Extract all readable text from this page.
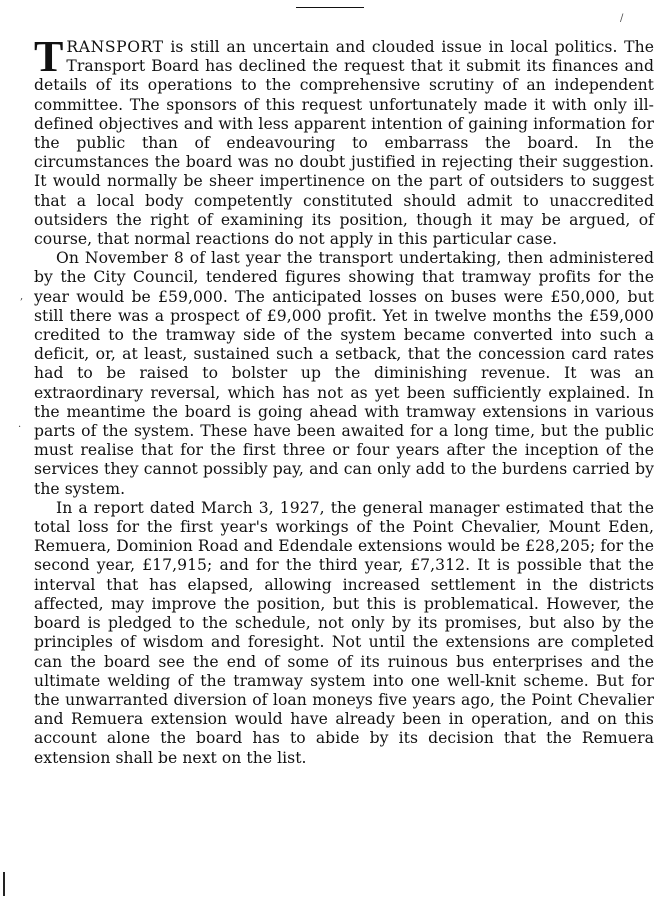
TRANSPORT is still an uncertain and clouded issue in local politics. The Transport Board has declined the request that it submit its finances and details of its operations to the comprehensive scrutiny of an independent committee. The sponsors of this request unfortunately made it with only ill-defined objectives and with less apparent intention of gaining information for the public than of endeavouring to embarrass the board. In the circumstances the board was no doubt justified in rejecting their suggestion. It would normally be sheer impertinence on the part of outsiders to suggest that a local body competently constituted should admit to unaccredited outsiders the right of examining its position, though it may be argued, of course, that normal reactions do not apply in this particular case.

On November 8 of last year the transport undertaking, then administered by the City Council, tendered figures showing that tramway profits for the year would be £59,000. The anticipated losses on buses were £50,000, but still there was a prospect of £9,000 profit. Yet in twelve months the £59,000 credited to the tramway side of the system became converted into such a deficit, or, at least, sustained such a setback, that the concession card rates had to be raised to bolster up the diminishing revenue. It was an extraordinary reversal, which has not as yet been sufficiently explained. In the meantime the board is going ahead with tramway extensions in various parts of the system. These have been awaited for a long time, but the public must realise that for the first three or four years after the inception of the services they cannot possibly pay, and can only add to the burdens carried by the system.

In a report dated March 3, 1927, the general manager estimated that the total loss for the first year's workings of the Point Chevalier, Mount Eden, Remuera, Dominion Road and Edendale extensions would be £28,205; for the second year, £17,915; and for the third year, £7,312. It is possible that the interval that has elapsed, allowing increased settlement in the districts affected, may improve the position, but this is problematical. However, the board is pledged to the schedule, not only by its promises, but also by the principles of wisdom and foresight. Not until the extensions are completed can the board see the end of some of its ruinous bus enterprises and the ultimate welding of the tramway system into one well-knit scheme. But for the unwarranted diversion of loan moneys five years ago, the Point Chevalier and Remuera extension would have already been in operation, and on this account alone the board has to abide by its decision that the Remuera extension shall be next on the list.

,
·
/
